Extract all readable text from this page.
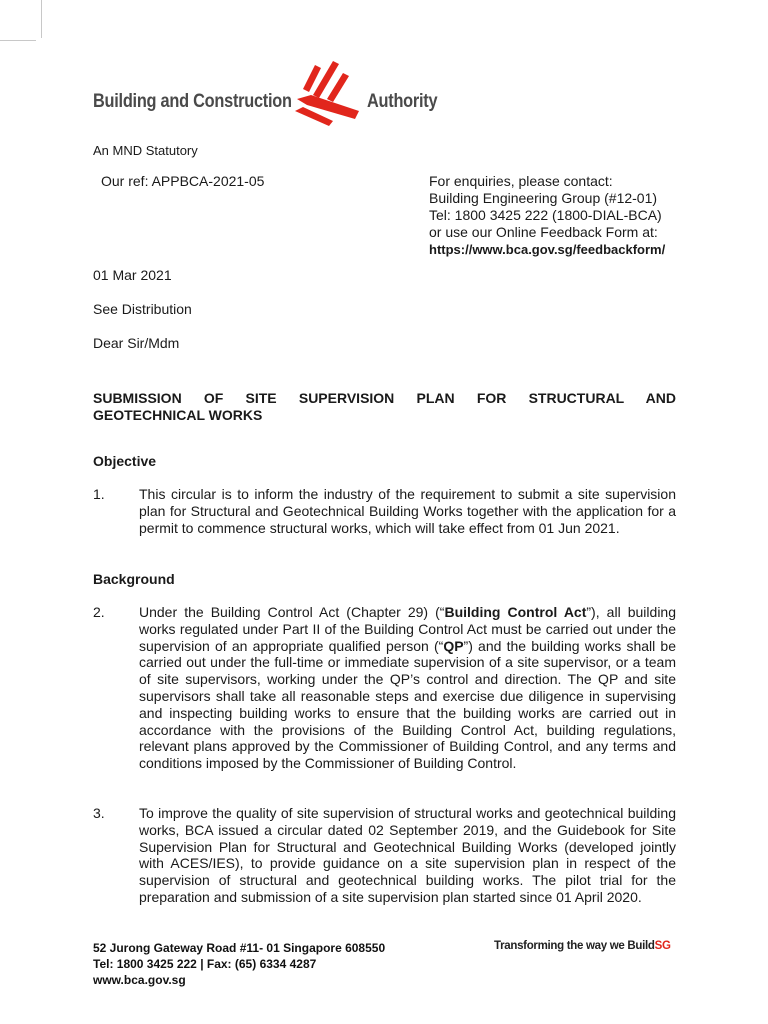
Building and Construction	Authority
An MND Statutory
Our ref: APPBCA-2021-05	For enquiries, please contact:
Building Engineering Group (#12-01)
Tel: 1800 3425 222 (1800-DIAL-BCA)
or use our Online Feedback Form at:
https://www.bca.gov.sg/feedbackform/
01 Mar 2021
See Distribution
Dear Sir/Mdm
SUBMISSION OF SITE SUPERVISION PLAN FOR STRUCTURAL AND
GEOTECHNICAL WORKS
Objective
1. This circular is to inform the industry of the requirement to submit a site supervision plan for Structural and Geotechnical Building Works together with the application for a permit to commence structural works, which will take effect from 01 Jun 2021.
Background
2. Under the Building Control Act (Chapter 29) (“Building Control Act”), all building works regulated under Part II of the Building Control Act must be carried out under the supervision of an appropriate qualified person (“QP”) and the building works shall be carried out under the full-time or immediate supervision of a site supervisor, or a team of site supervisors, working under the QP’s control and direction. The QP and site supervisors shall take all reasonable steps and exercise due diligence in supervising and inspecting building works to ensure that the building works are carried out in accordance with the provisions of the Building Control Act, building regulations, relevant plans approved by the Commissioner of Building Control, and any terms and conditions imposed by the Commissioner of Building Control.
3. To improve the quality of site supervision of structural works and geotechnical building works, BCA issued a circular dated 02 September 2019, and the Guidebook for Site Supervision Plan for Structural and Geotechnical Building Works (developed jointly with ACES/IES), to provide guidance on a site supervision plan in respect of the supervision of structural and geotechnical building works. The pilot trial for the preparation and submission of a site supervision plan started since 01 April 2020.
52 Jurong Gateway Road #11- 01 Singapore 608550
Tel: 1800 3425 222 | Fax: (65) 6334 4287
www.bca.gov.sg
Transforming the way we BuildSG
